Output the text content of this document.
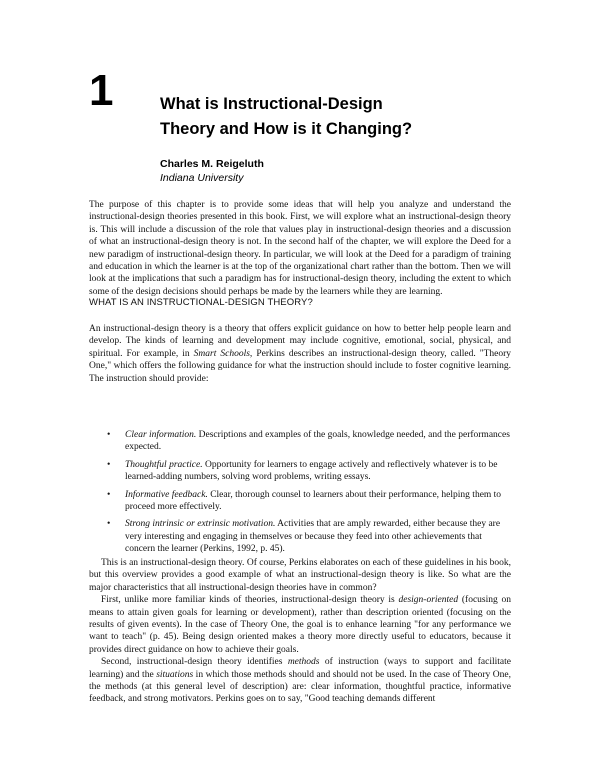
1	What is Instructional-Design
Theory and How is it Changing?
Charles M. Reigeluth
Indiana University

The purpose of this chapter is to provide some ideas that will help you analyze and understand the instructional-design theories presented in this book. First, we will explore what an instructional-design theory is. This will include a discussion of the role that values play in instructional-design theories and a discussion of what an instructional-design theory is not. In the second half of the chapter, we will explore the Deed for a new paradigm of instructional-design theory. In particular, we will look at the Deed for a paradigm of training and education in which the learner is at the top of the organizational chart rather than the bottom. Then we will look at the implications that such a paradigm has for instructional-design theory, including the extent to which some of the design decisions should perhaps be made by the learners while they are learning.

WHAT IS AN INSTRUCTIONAL-DESIGN THEORY?

An instructional-design theory is a theory that offers explicit guidance on how to better help people learn and develop. The kinds of learning and development may include cognitive, emotional, social, physical, and spiritual. For example, in Smart Schools, Perkins describes an instructional-design theory, called. "Theory One," which offers the following guidance for what the instruction should include to foster cognitive learning. The instruction should provide:

• Clear information. Descriptions and examples of the goals, knowledge needed, and the performances expected.
• Thoughtful practice. Opportunity for learners to engage actively and reflectively whatever is to be learned-adding numbers, solving word problems, writing essays.
• Informative feedback. Clear, thorough counsel to learners about their performance, helping them to proceed more effectively.
• Strong intrinsic or extrinsic motivation. Activities that are amply rewarded, either because they are very interesting and engaging in themselves or because they feed into other achievements that concern the learner (Perkins, 1992, p. 45).

This is an instructional-design theory. Of course, Perkins elaborates on each of these guidelines in his book, but this overview provides a good example of what an instructional-design theory is like. So what are the major characteristics that all instructional-design theories have in common?

First, unlike more familiar kinds of theories, instructional-design theory is design-oriented (focusing on means to attain given goals for learning or development), rather than description oriented (focusing on the results of given events). In the case of Theory One, the goal is to enhance learning "for any performance we want to teach" (p. 45). Being design oriented makes a theory more directly useful to educators, because it provides direct guidance on how to achieve their goals.

Second, instructional-design theory identifies methods of instruction (ways to support and facilitate learning) and the situations in which those methods should and should not be used. In the case of Theory One, the methods (at this general level of description) are: clear information, thoughtful practice, informative feedback, and strong motivators. Perkins goes on to say, "Good teaching demands different
